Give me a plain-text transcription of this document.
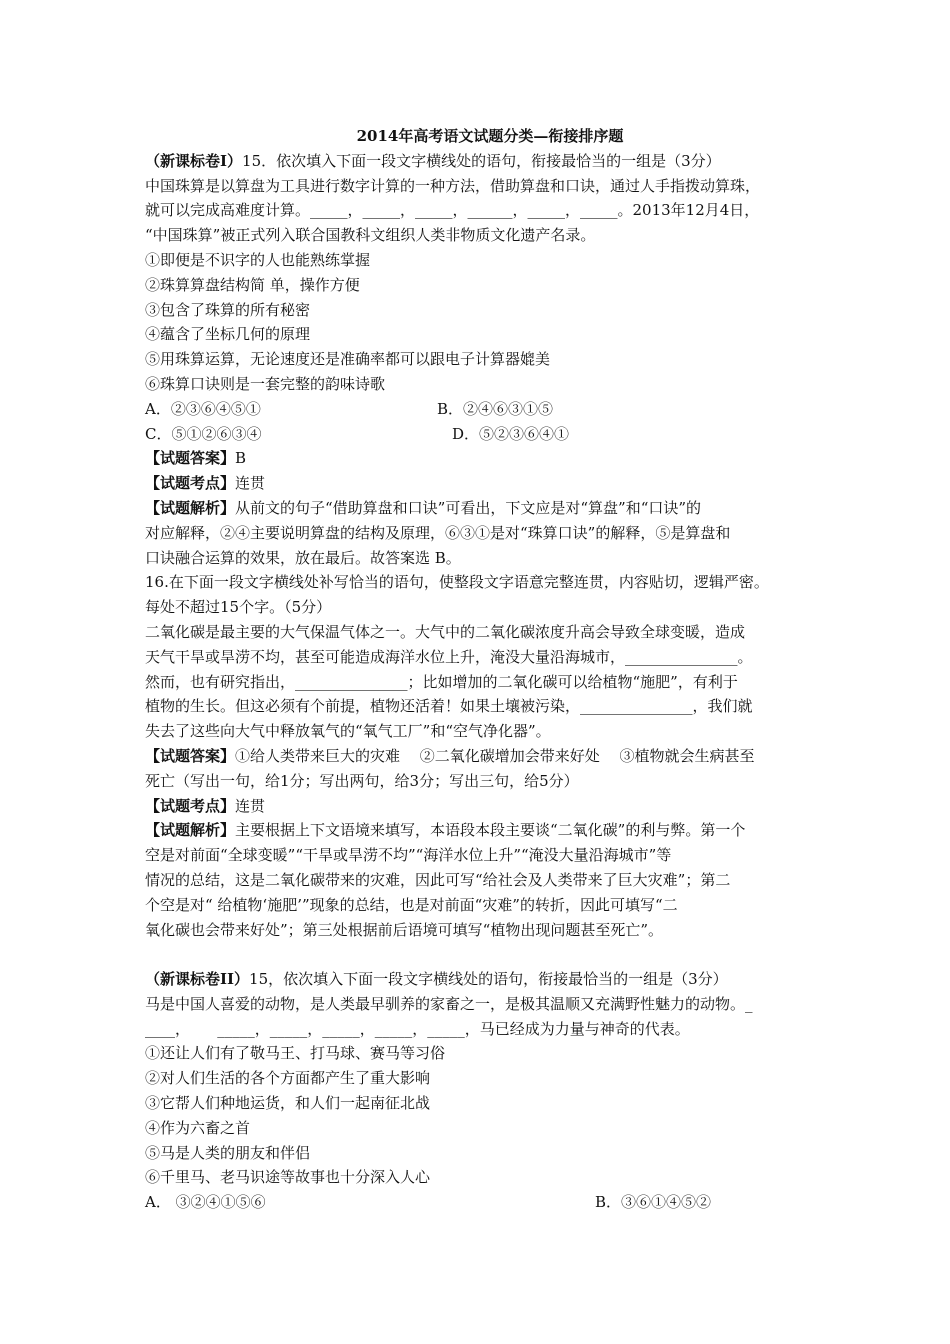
2014年高考语文试题分类—衔接排序题
（新课标卷Ⅰ）15．依次填入下面一段文字横线处的语句，衔接最恰当的一组是（3分）
中国珠算是以算盘为工具进行数字计算的一种方法，借助算盘和口诀，通过人手指拨动算珠，
就可以完成高难度计算。_____，_____，_____，______，_____，_____。2013年12月4日，
“中国珠算”被正式列入联合国教科文组织人类非物质文化遗产名录。
①即便是不识字的人也能熟练掌握
②珠算算盘结构简 单，操作方便
③包含了珠算的所有秘密
④蕴含了坐标几何的原理
⑤用珠算运算，无论速度还是准确率都可以跟电子计算器媲美
⑥珠算口诀则是一套完整的韵味诗歌
A．②③⑥④⑤①	B．②④⑥③①⑤
C．⑤①②⑥③④	D．⑤②③⑥④①
【试题答案】B
【试题考点】连贯
【试题解析】从前文的句子“借助算盘和口诀”可看出，下文应是对“算盘”和“口诀”的
对应解释，②④主要说明算盘的结构及原理，⑥③①是对“珠算口诀”的解释，⑤是算盘和
口诀融合运算的效果，放在最后。故答案选 B。
16.在下面一段文字横线处补写恰当的语句，使整段文字语意完整连贯，内容贴切，逻辑严密。
每处不超过15个字。（5分）
二氧化碳是最主要的大气保温气体之一。大气中的二氧化碳浓度升高会导致全球变暖，造成
天气干旱或旱涝不均，甚至可能造成海洋水位上升，淹没大量沿海城市，_______________。
然而，也有研究指出，_______________；比如增加的二氧化碳可以给植物“施肥”，有利于
植物的生长。但这必须有个前提，植物还活着！如果土壤被污染，_______________，我们就
失去了这些向大气中释放氧气的“氧气工厂”和“空气净化器”。
【试题答案】①给人类带来巨大的灾难　 ②二氧化碳增加会带来好处　 ③植物就会生病甚至
死亡（写出一句，给1分；写出两句，给3分；写出三句，给5分）
【试题考点】连贯
【试题解析】主要根据上下文语境来填写，本语段本段主要谈“二氧化碳”的利与弊。第一个
空是对前面“全球变暖”“干旱或旱涝不均”“海洋水位上升”“淹没大量沿海城市”等
情况的总结，这是二氧化碳带来的灾难，因此可写“给社会及人类带来了巨大灾难”；第二
个空是对“ 给植物‘施肥’”现象的总结，也是对前面“灾难”的转折，因此可填写“二
氧化碳也会带来好处”；第三处根据前后语境可填写“植物出现问题甚至死亡”。
（新课标卷II）15，依次填入下面一段文字横线处的语句，衔接最恰当的一组是（3分）
马是中国人喜爱的动物，是人类最早驯养的家畜之一，是极其温顺又充满野性魅力的动物。_
____，　　 _____，_____，_____，_____，_____，马已经成为力量与神奇的代表。
①还让人们有了敬马王、打马球、赛马等习俗
②对人们生活的各个方面都产生了重大影响
③它帮人们种地运货，和人们一起南征北战
④作为六畜之首
⑤马是人类的朋友和伴侣
⑥千里马、老马识途等故事也十分深入人心
A． ③②④①⑤⑥	B．③⑥①④⑤②
